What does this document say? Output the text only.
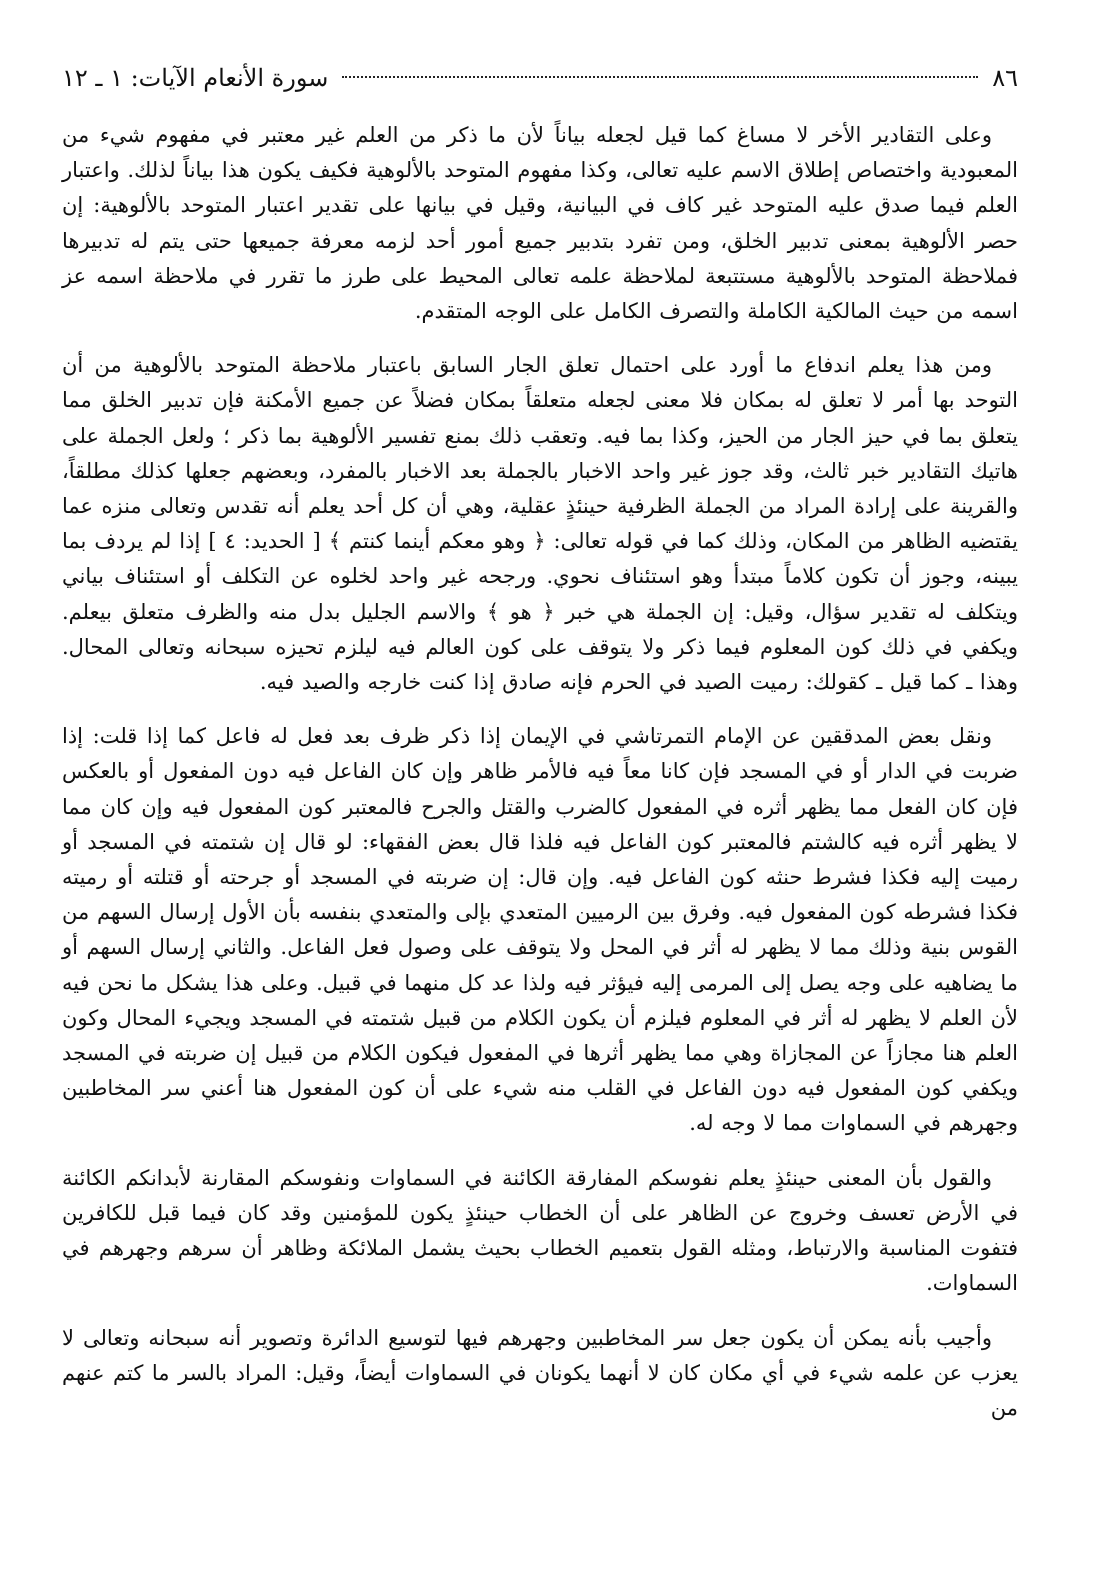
٨٦
سورة الأنعام الآيات: ١ ـ ١٢

وعلى التقادير الأخر لا مساغ كما قيل لجعله بياناً لأن ما ذكر من العلم غير معتبر في مفهوم شيء من المعبودية واختصاص إطلاق الاسم عليه تعالى، وكذا مفهوم المتوحد بالألوهية فكيف يكون هذا بياناً لذلك. واعتبار العلم فيما صدق عليه المتوحد غير كاف في البيانية، وقيل في بيانها على تقدير اعتبار المتوحد بالألوهية: إن حصر الألوهية بمعنى تدبير الخلق، ومن تفرد بتدبير جميع أمور أحد لزمه معرفة جميعها حتى يتم له تدبيرها فملاحظة المتوحد بالألوهية مستتبعة لملاحظة علمه تعالى المحيط على طرز ما تقرر في ملاحظة اسمه عز اسمه من حيث المالكية الكاملة والتصرف الكامل على الوجه المتقدم.

ومن هذا يعلم اندفاع ما أورد على احتمال تعلق الجار السابق باعتبار ملاحظة المتوحد بالألوهية من أن التوحد بها أمر لا تعلق له بمكان فلا معنى لجعله متعلقاً بمكان فضلاً عن جميع الأمكنة فإن تدبير الخلق مما يتعلق بما في حيز الجار من الحيز، وكذا بما فيه. وتعقب ذلك بمنع تفسير الألوهية بما ذكر ؛ ولعل الجملة على هاتيك التقادير خبر ثالث، وقد جوز غير واحد الاخبار بالجملة بعد الاخبار بالمفرد، وبعضهم جعلها كذلك مطلقاً، والقرينة على إرادة المراد من الجملة الظرفية حينئذٍ عقلية، وهي أن كل أحد يعلم أنه تقدس وتعالى منزه عما يقتضيه الظاهر من المكان، وذلك كما في قوله تعالى: ﴿ وهو معكم أينما كنتم ﴾ [ الحديد: ٤ ] إذا لم يردف بما يبينه، وجوز أن تكون كلاماً مبتدأ وهو استئناف نحوي. ورجحه غير واحد لخلوه عن التكلف أو استئناف بياني ويتكلف له تقدير سؤال، وقيل: إن الجملة هي خبر ﴿ هو ﴾ والاسم الجليل بدل منه والظرف متعلق بيعلم. ويكفي في ذلك كون المعلوم فيما ذكر ولا يتوقف على كون العالم فيه ليلزم تحيزه سبحانه وتعالى المحال. وهذا ـ كما قيل ـ كقولك: رميت الصيد في الحرم فإنه صادق إذا كنت خارجه والصيد فيه.

ونقل بعض المدققين عن الإمام التمرتاشي في الإيمان إذا ذكر ظرف بعد فعل له فاعل كما إذا قلت: إذا ضربت في الدار أو في المسجد فإن كانا معاً فيه فالأمر ظاهر وإن كان الفاعل فيه دون المفعول أو بالعكس فإن كان الفعل مما يظهر أثره في المفعول كالضرب والقتل والجرح فالمعتبر كون المفعول فيه وإن كان مما لا يظهر أثره فيه كالشتم فالمعتبر كون الفاعل فيه فلذا قال بعض الفقهاء: لو قال إن شتمته في المسجد أو رميت إليه فكذا فشرط حنثه كون الفاعل فيه. وإن قال: إن ضربته في المسجد أو جرحته أو قتلته أو رميته فكذا فشرطه كون المفعول فيه. وفرق بين الرميين المتعدي بإلى والمتعدي بنفسه بأن الأول إرسال السهم من القوس بنية وذلك مما لا يظهر له أثر في المحل ولا يتوقف على وصول فعل الفاعل. والثاني إرسال السهم أو ما يضاهيه على وجه يصل إلى المرمى إليه فيؤثر فيه ولذا عد كل منهما في قبيل. وعلى هذا يشكل ما نحن فيه لأن العلم لا يظهر له أثر في المعلوم فيلزم أن يكون الكلام من قبيل شتمته في المسجد ويجيء المحال وكون العلم هنا مجازاً عن المجازاة وهي مما يظهر أثرها في المفعول فيكون الكلام من قبيل إن ضربته في المسجد ويكفي كون المفعول فيه دون الفاعل في القلب منه شيء على أن كون المفعول هنا أعني سر المخاطبين وجهرهم في السماوات مما لا وجه له.

والقول بأن المعنى حينئذٍ يعلم نفوسكم المفارقة الكائنة في السماوات ونفوسكم المقارنة لأبدانكم الكائنة في الأرض تعسف وخروج عن الظاهر على أن الخطاب حينئذٍ يكون للمؤمنين وقد كان فيما قبل للكافرين فتفوت المناسبة والارتباط، ومثله القول بتعميم الخطاب بحيث يشمل الملائكة وظاهر أن سرهم وجهرهم في السماوات.

وأجيب بأنه يمكن أن يكون جعل سر المخاطبين وجهرهم فيها لتوسيع الدائرة وتصوير أنه سبحانه وتعالى لا يعزب عن علمه شيء في أي مكان كان لا أنهما يكونان في السماوات أيضاً، وقيل: المراد بالسر ما كتم عنهم من
